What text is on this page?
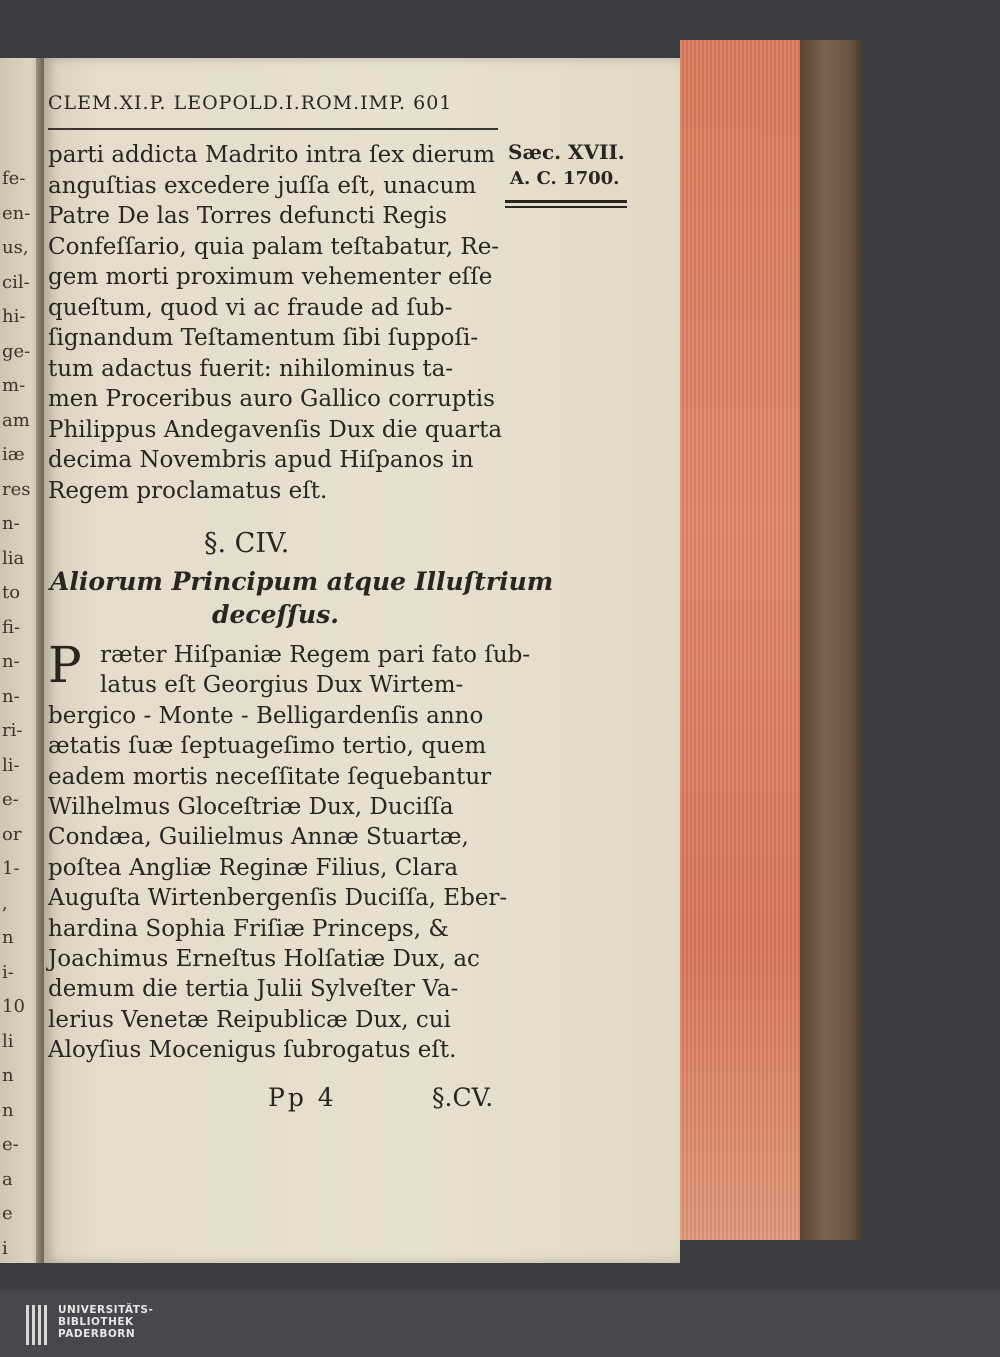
fe-
en-
us,
cil-
hi-
ge-
m-
am
iæ
res
n-
lia
to
fi-
n-
n-
ri-
li-
e-
or
1-
,
n
i-
10
li
n
n
e-
a
e
i
CLEM.XI.P. LEOPOLD.I.ROM.IMP. 601
parti addicta Madrito intra ſex dierum
anguſtias excedere juſſa eſt, unacum
Patre De las Torres defuncti Regis
Confeſſario, quia palam teſtabatur, Re-
gem morti proximum vehementer eſſe
queſtum, quod vi ac fraude ad ſub-
ſignandum Teſtamentum ſibi ſuppoſi-
tum adactus fuerit: nihilominus ta-
men Proceribus auro Gallico corruptis
Philippus Andegavenſis Dux die quarta
decima Novembris apud Hiſpanos in
Regem proclamatus eſt.
Sæc. XVII.
A. C. 1700.
§. CIV.
Aliorum Principum atque Illuſtrium
deceſſus.
P ræter Hiſpaniæ Regem pari fato ſub-
latus eſt Georgius Dux Wirtem-
bergico - Monte - Belligardenſis anno
ætatis ſuæ ſeptuageſimo tertio, quem
eadem mortis neceſſitate ſequebantur
Wilhelmus Gloceſtriæ Dux, Duciſſa
Condæa, Guilielmus Annæ Stuartæ,
poſtea Angliæ Reginæ Filius, Clara
Auguſta Wirtenbergenſis Duciſſa, Eber-
hardina Sophia Friſiæ Princeps, &
Joachimus Erneſtus Holſatiæ Dux, ac
demum die tertia Julii Sylveſter Va-
lerius Venetæ Reipublicæ Dux, cui
Aloyſius Mocenigus ſubrogatus eſt.
Pp 4	§.CV.
UNIVERSITÄTS-
BIBLIOTHEK
PADERBORN
